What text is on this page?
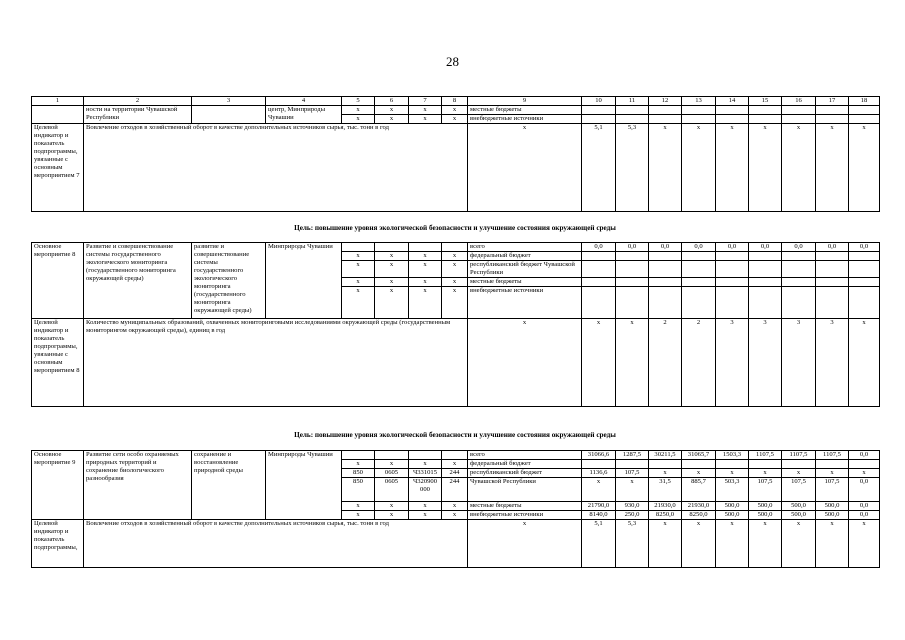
28
1	2	3	4	5	6	7	8	9	10	11	12	13	14	15	16	17	18
	ности на территории Чувашской Республики		центр, Минприроды Чувашии	х	х	х	х	местные бюджеты									
				х	х	х	х	внебюджетные источники									
Целевой индикатор и показатель подпрограммы, увязанные с основным мероприятием 7	Вовлечение отходов в хозяйственный оборот в качестве дополнительных источников сырья, тыс. тонн в год							х	5,1	5,3	х	х	х	х	х	х	х
Цель: повышение уровня экологической безопасности и улучшение состояния окружающей среды
Основное мероприятие 8	Развитие и совершенствование системы государственного экологического мониторинга (государственного мониторинга окружающей среды)	развитие и совершенствование системы государственного экологического мониторинга (государственного мониторинга окружающей среды)	Минприроды Чувашии					всего	0,0	0,0	0,0	0,0	0,0	0,0	0,0	0,0	0,0
				х	х	х	х	федеральный бюджет									
				х	х	х	х	республиканский бюджет Чувашской Республики									
				х	х	х	х	местные бюджеты									
				х	х	х	х	внебюджетные источники									
Целевой индикатор и показатель подпрограммы, увязанные с основным мероприятием 8	Количество муниципальных образований, охваченных мониторинговыми исследованиями окружающей среды (государственным мониторингом окружающей среды), единиц в год							х	х	х	2	2	3	3	3	3	х
Цель: повышение уровня экологической безопасности и улучшение состояния окружающей среды
Основное мероприятие 9	Развитие сети особо охраняемых природных территорий и сохранение биологического разнообразия	сохранение и восстановление природной среды	Минприроды Чувашии					всего	31066,6	1287,5	30211,5	31065,7	1503,3	1107,5	1107,5	1107,5	0,0
				х	х	х	х	федеральный бюджет									
				850	0605	Ч331015	244	республиканский бюджет	1136,6	107,5	х	х	х	х	х	х	х
				850	0605	Ч320900 000	244	Чувашской Республики	х	х	31,5	885,7	503,3	107,5	107,5	107,5	0,0
				х	х	х	х	местные бюджеты	21790,0	930,0	21930,0	21930,0	500,0	500,0	500,0	500,0	0,0
				х	х	х	х	внебюджетные источники	8140,0	250,0	8250,0	8250,0	500,0	500,0	500,0	500,0	0,0
Целевой индикатор и показатель подпрограммы,	Вовлечение отходов в хозяйственный оборот в качестве дополнительных источников сырья, тыс. тонн в год							х	5,1	5,3	х	х	х	х	х	х	х
